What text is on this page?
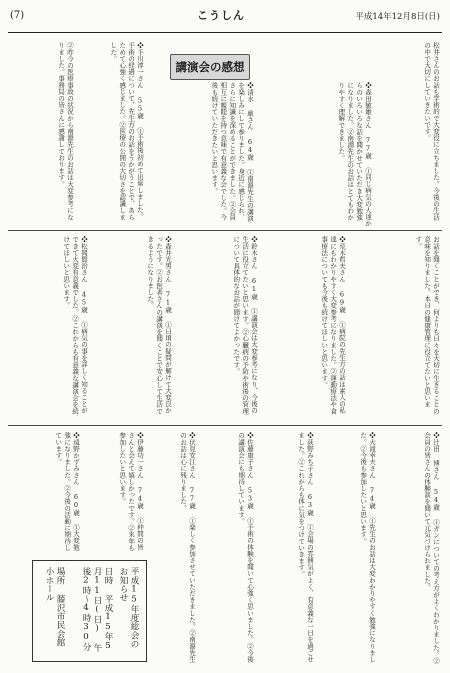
(7)	こうしん	平成14年12月8日(日)
講演会の感想	松井さんのお話も学術的で大変役に立ちました。今後の生活の中で大切にしていきたいです。

❖森田敏雄さん 77歳 ①同じ病気の人達からのいろいろな話を聞かせていただき大変勉強になりました。②南淵先生のお話はとてもわかりやすく理解できました。

❖清水 厳さん 64歳 ①南淵先生の講演を楽しみにして参りました。身近に感じられ、さらに知識を深めることができました。②会員相互に親睦を持つ意味で有意義な会でした。今後も続けていただきたいと思います。

❖手川淳一さん 55歳 ①手術後初めて出席しました。手術の経過について、先生方のお話をうかがうことで、あらためて心強く感じました。②医療の公開の大切さを認識しました。

②昨今の医療事故の状況から南淵先生のお話は大変参考になりました。事務局の皆さんに感謝しております。

お話を聞くことができ、何よりも日々を大切に生きることの意味を知りました。本日の健康管理に役立てたいと思います。

❖荒木哲夫さん 69歳 ①病院の先生方の話は素人の私達にもわかりやすく大変参考になりました。②運動療法や食事療法についても今後も続けてほしいと思います。

❖鈴木さん 61歳 ①講演会は大変参考になり、今後の生活に役立てたいと思います。②心臓病の予防や術後の管理について具体的なお話が聞けてよかったです。

❖森井光男さん 71歳 ①日頃の疑問が解けて大変良かったです。②お医者さんの講演を聞くことで安心して生活できるようになりました。

❖松岡賢治さん 45歳 ①病気の事を詳しく知ることができて大変有意義でした。②これからも有意義な講演会を続けてほしいと思います。

❖辻田 博さん 54歳 ①ガンについての考え方がよくわかりました。②会員の皆さんの体験談を聞いて元気づけられました。

❖大滝幸夫さん 74歳 ①先生のお話は大変わかりやすく勉強になりました。②今後も参加したいと思います。

❖荻野みち子さん 63歳 ①会場の雰囲気がよく、有意義な一日を過ごせました。②これからも体に気をつけていきます。

❖佐藤康子さん 53歳 ①手術の体験を聞いて心強く思いました。②今後の講演会にも期待しています。

❖伏見安江さん 77歳 ①楽しく参加させていただきました。②南淵先生のお話は心に残りました。

❖伊藤功一さん 74歳 ①仲間の皆さんと会えて嬉しかったです。②来年も参加したいと思います。

❖遠野かずみさん 60歳 ①大変勉強になりました。②今後の活動に期待しています。

平成15年度総会のお知らせ

日時 平成15年5月11日(日) 午後2時～4時30分

場所 藤沢市民会館小ホール
